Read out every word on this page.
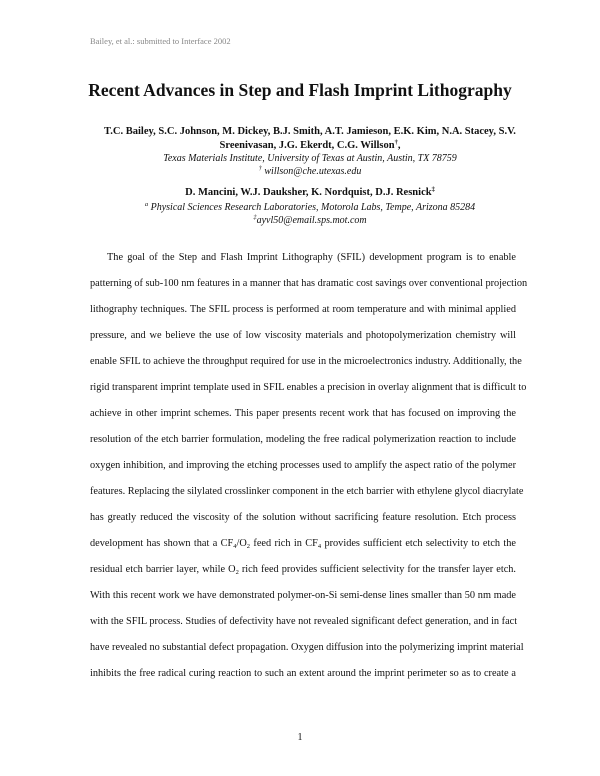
Bailey, et al.: submitted to Interface 2002
Recent Advances in Step and Flash Imprint Lithography
T.C. Bailey, S.C. Johnson, M. Dickey, B.J. Smith, A.T. Jamieson, E.K. Kim, N.A. Stacey, S.V.
Sreenivasan, J.G. Ekerdt, C.G. Willson†,
Texas Materials Institute, University of Texas at Austin, Austin, TX 78759
† willson@che.utexas.edu
D. Mancini, W.J. Dauksher, K. Nordquist, D.J. Resnick‡
$^a$ Physical Sciences Research Laboratories, Motorola Labs, Tempe, Arizona 85284
‡ayvl50@email.sps.mot.com
The goal of the Step and Flash Imprint Lithography (SFIL) development program is to enable
patterning of sub-100 nm features in a manner that has dramatic cost savings over conventional projection
lithography techniques. The SFIL process is performed at room temperature and with minimal applied
pressure, and we believe the use of low viscosity materials and photopolymerization chemistry will
enable SFIL to achieve the throughput required for use in the microelectronics industry. Additionally, the
rigid transparent imprint template used in SFIL enables a precision in overlay alignment that is difficult to
achieve in other imprint schemes. This paper presents recent work that has focused on improving the
resolution of the etch barrier formulation, modeling the free radical polymerization reaction to include
oxygen inhibition, and improving the etching processes used to amplify the aspect ratio of the polymer
features. Replacing the silylated crosslinker component in the etch barrier with ethylene glycol diacrylate
has greatly reduced the viscosity of the solution without sacrificing feature resolution. Etch process
development has shown that a $CF_4/O_2$ feed rich in $CF_4$ provides sufficient etch selectivity to etch the
residual etch barrier layer, while $O_2$ rich feed provides sufficient selectivity for the transfer layer etch.
With this recent work we have demonstrated polymer-on-Si semi-dense lines smaller than 50 nm made
with the SFIL process. Studies of defectivity have not revealed significant defect generation, and in fact
have revealed no substantial defect propagation. Oxygen diffusion into the polymerizing imprint material
inhibits the free radical curing reaction to such an extent around the imprint perimeter so as to create a
1
